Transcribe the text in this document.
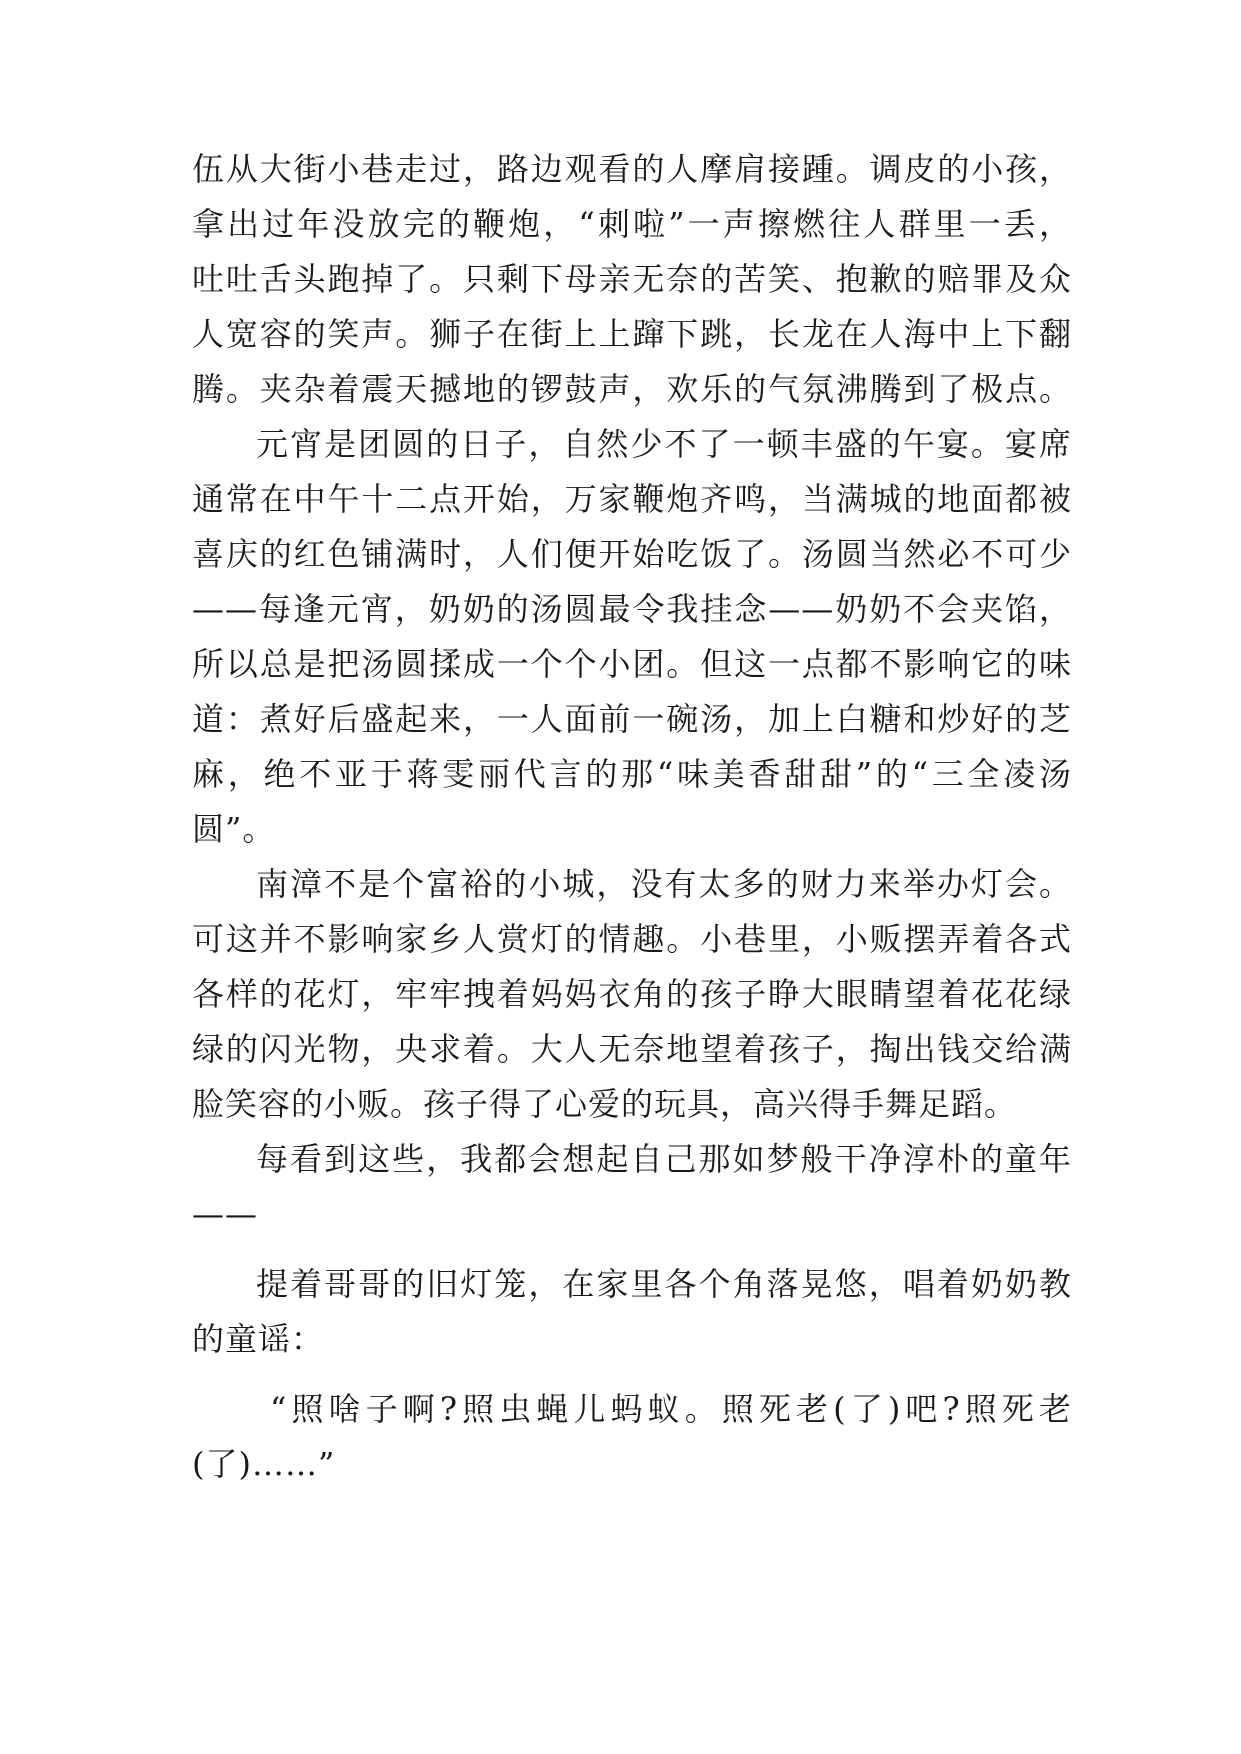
伍从大街小巷走过，路边观看的人摩肩接踵。调皮的小孩，
拿出过年没放完的鞭炮，“刺啦”一声擦燃往人群里一丢，
吐吐舌头跑掉了。只剩下母亲无奈的苦笑、抱歉的赔罪及众
人宽容的笑声。狮子在街上上蹿下跳，长龙在人海中上下翻
腾。夹杂着震天撼地的锣鼓声，欢乐的气氛沸腾到了极点。
元宵是团圆的日子，自然少不了一顿丰盛的午宴。宴席
通常在中午十二点开始，万家鞭炮齐鸣，当满城的地面都被
喜庆的红色铺满时，人们便开始吃饭了。汤圆当然必不可少
——每逢元宵，奶奶的汤圆最令我挂念——奶奶不会夹馅，
所以总是把汤圆揉成一个个小团。但这一点都不影响它的味
道：煮好后盛起来，一人面前一碗汤，加上白糖和炒好的芝
麻，绝不亚于蒋雯丽代言的那“味美香甜甜”的“三全凌汤
圆”。
南漳不是个富裕的小城，没有太多的财力来举办灯会。
可这并不影响家乡人赏灯的情趣。小巷里，小贩摆弄着各式
各样的花灯，牢牢拽着妈妈衣角的孩子睁大眼睛望着花花绿
绿的闪光物，央求着。大人无奈地望着孩子，掏出钱交给满
脸笑容的小贩。孩子得了心爱的玩具，高兴得手舞足蹈。
每看到这些，我都会想起自己那如梦般干净淳朴的童年
——
提着哥哥的旧灯笼，在家里各个角落晃悠，唱着奶奶教
的童谣：
“照啥子啊?照虫蝇儿蚂蚁。照死老(了)吧?照死老
(了)……”
